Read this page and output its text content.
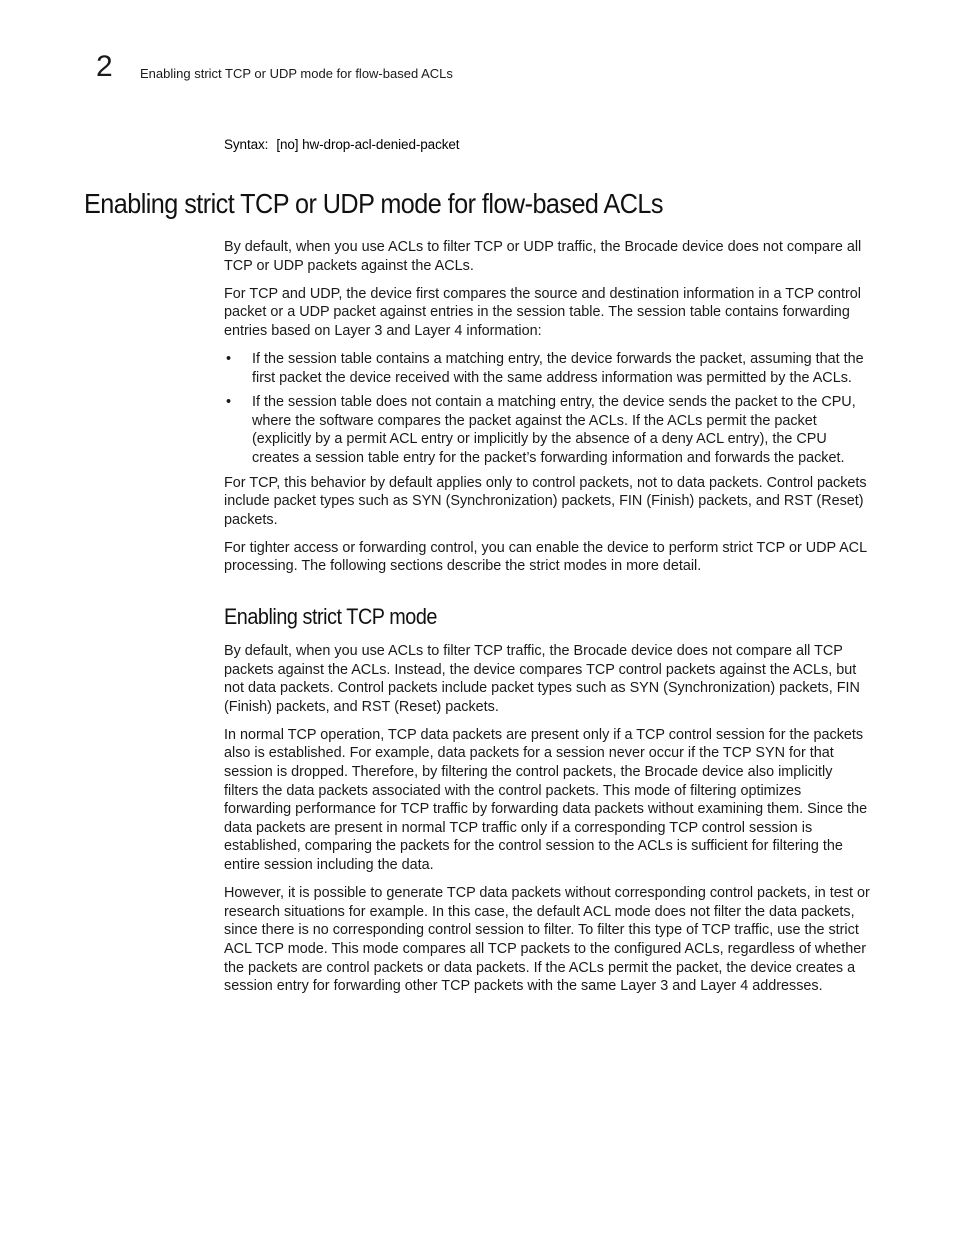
2 Enabling strict TCP or UDP mode for flow-based ACLs
Syntax: [no] hw-drop-acl-denied-packet
Enabling strict TCP or UDP mode for flow-based ACLs

By default, when you use ACLs to filter TCP or UDP traffic, the Brocade device does not compare all TCP or UDP packets against the ACLs.

For TCP and UDP, the device first compares the source and destination information in a TCP control packet or a UDP packet against entries in the session table. The session table contains forwarding entries based on Layer 3 and Layer 4 information:

• If the session table contains a matching entry, the device forwards the packet, assuming that the first packet the device received with the same address information was permitted by the ACLs.
• If the session table does not contain a matching entry, the device sends the packet to the CPU, where the software compares the packet against the ACLs. If the ACLs permit the packet (explicitly by a permit ACL entry or implicitly by the absence of a deny ACL entry), the CPU creates a session table entry for the packet’s forwarding information and forwards the packet.

For TCP, this behavior by default applies only to control packets, not to data packets. Control packets include packet types such as SYN (Synchronization) packets, FIN (Finish) packets, and RST (Reset) packets.

For tighter access or forwarding control, you can enable the device to perform strict TCP or UDP ACL processing. The following sections describe the strict modes in more detail.

Enabling strict TCP mode

By default, when you use ACLs to filter TCP traffic, the Brocade device does not compare all TCP packets against the ACLs. Instead, the device compares TCP control packets against the ACLs, but not data packets. Control packets include packet types such as SYN (Synchronization) packets, FIN (Finish) packets, and RST (Reset) packets.

In normal TCP operation, TCP data packets are present only if a TCP control session for the packets also is established. For example, data packets for a session never occur if the TCP SYN for that session is dropped. Therefore, by filtering the control packets, the Brocade device also implicitly filters the data packets associated with the control packets. This mode of filtering optimizes forwarding performance for TCP traffic by forwarding data packets without examining them. Since the data packets are present in normal TCP traffic only if a corresponding TCP control session is established, comparing the packets for the control session to the ACLs is sufficient for filtering the entire session including the data.

However, it is possible to generate TCP data packets without corresponding control packets, in test or research situations for example. In this case, the default ACL mode does not filter the data packets, since there is no corresponding control session to filter. To filter this type of TCP traffic, use the strict ACL TCP mode. This mode compares all TCP packets to the configured ACLs, regardless of whether the packets are control packets or data packets. If the ACLs permit the packet, the device creates a session entry for forwarding other TCP packets with the same Layer 3 and Layer 4 addresses.
